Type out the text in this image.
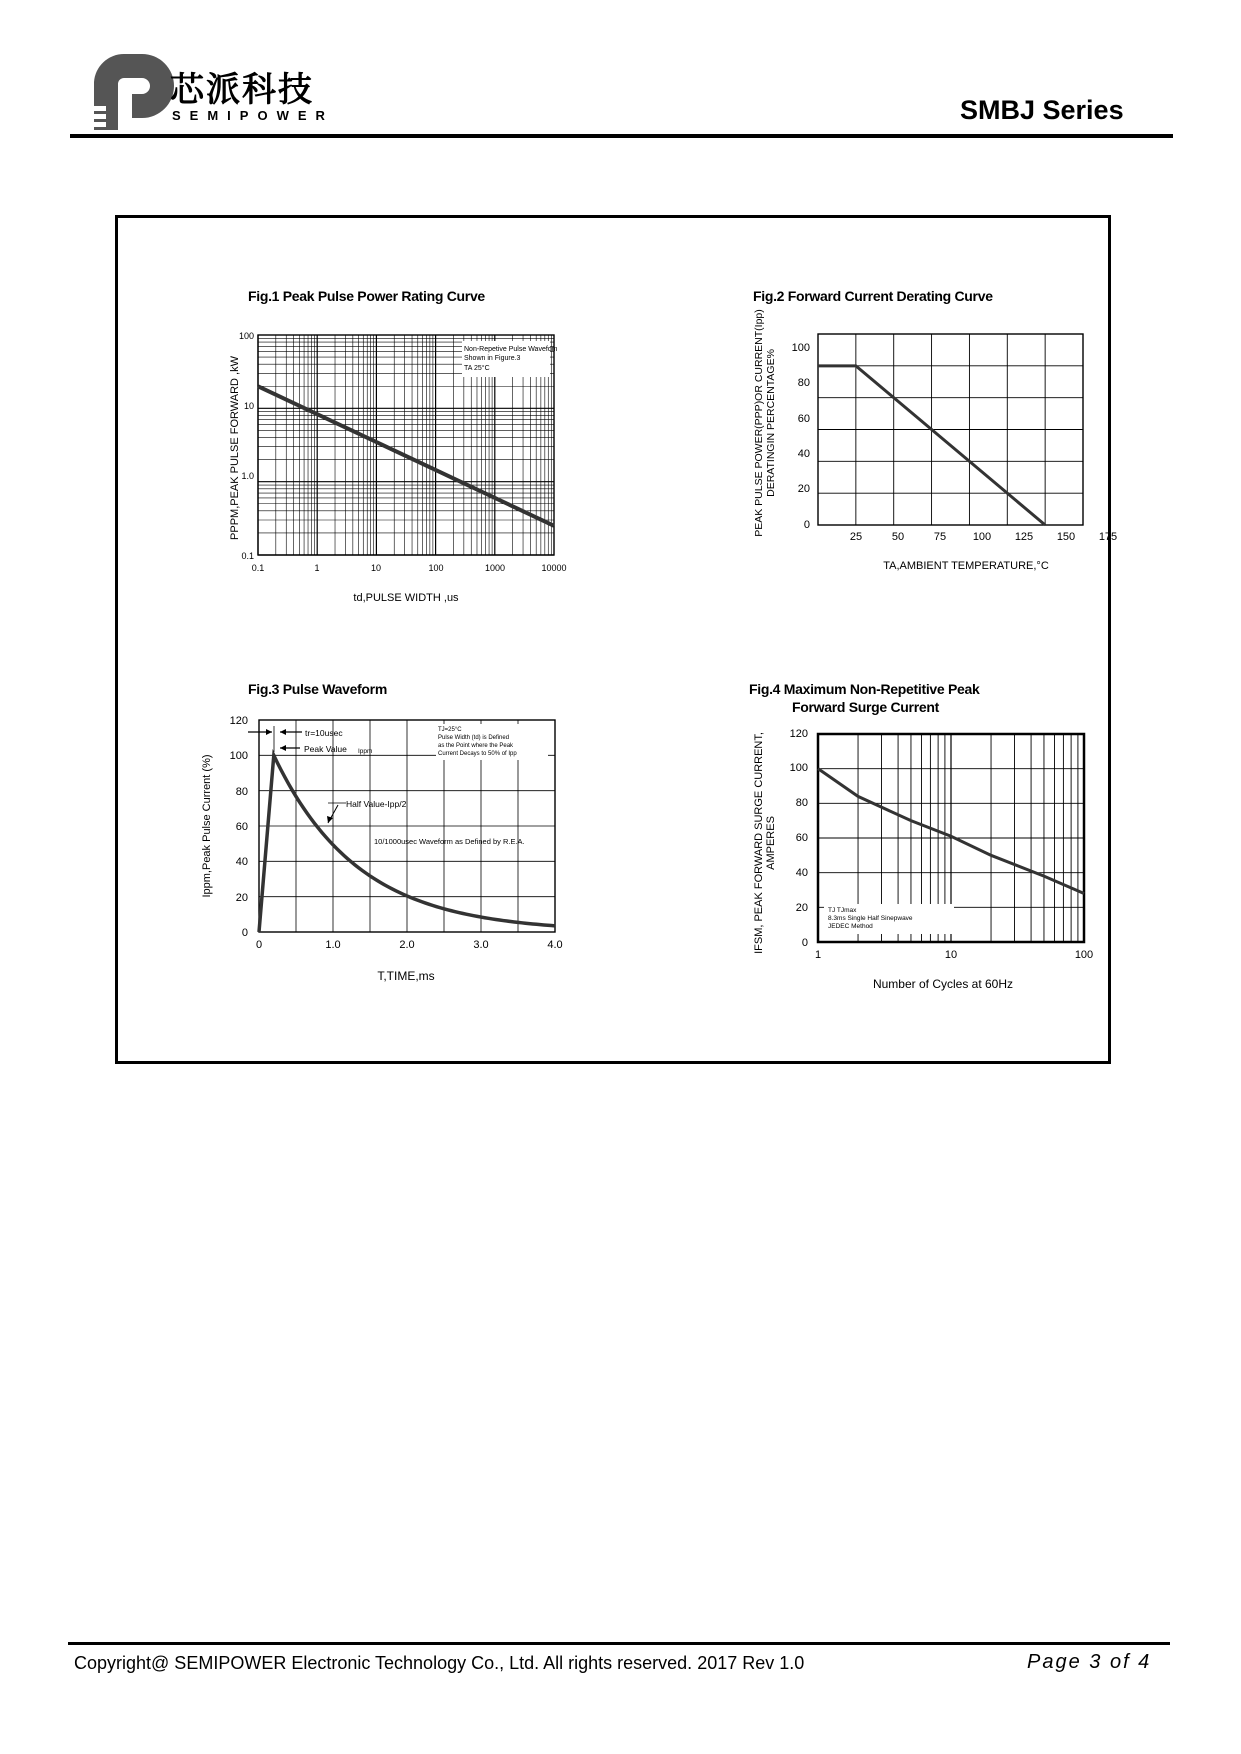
芯派科技
SEMIPOWER	SMBJ Series
Fig.1 Peak Pulse Power Rating Curve
100
10
1.0
0.1
0.1	1	10	100	1000	10000
td,PULSE WIDTH ,us
PPPM,PEAK PULSE FORWARD ,kW
Non-Repetive Pulse Wavefom
Shown in Figure.3
TA 25°C
Fig.2 Forward Current Derating Curve
0
20
40
60
80
100
25	50	75 100 125 150 175
TA,AMBIENT TEMPERATURE,°C
PEAK PULSE POWER(PPP)OR CURRENT(Ipp) DERATINGIN PERCENTAGE%
Fig.3 Pulse Waveform
0
20
40
60
80
100
120
0	1.0	2.0	3.0	4.0
T,TIME,ms
Ippm,Peak Pulse Current (%)
tr=10usec
Peak Value Ippm
Half Value-Ipp/2
10/1000usec Waveform as Defined by R.E.A.
TJ=25°C
Pulse Width (td) is Defined
as the Point where the Peak
Current Decays to 50% of Ipp
Fig.4 Maximum Non-Repetitive Peak
Forward Surge Current
0
20
40
60
80
100
120
1	10	100
Number of Cycles at 60Hz
IFSM, PEAK FORWARD SURGE CURRENT, AMPERES
TJ TJmax
8.3ms Single Half Sinepwave
JEDEC Method
Copyright@ SEMIPOWER Electronic Technology Co., Ltd. All rights reserved. 2017 Rev 1.0	Page 3 of 4
